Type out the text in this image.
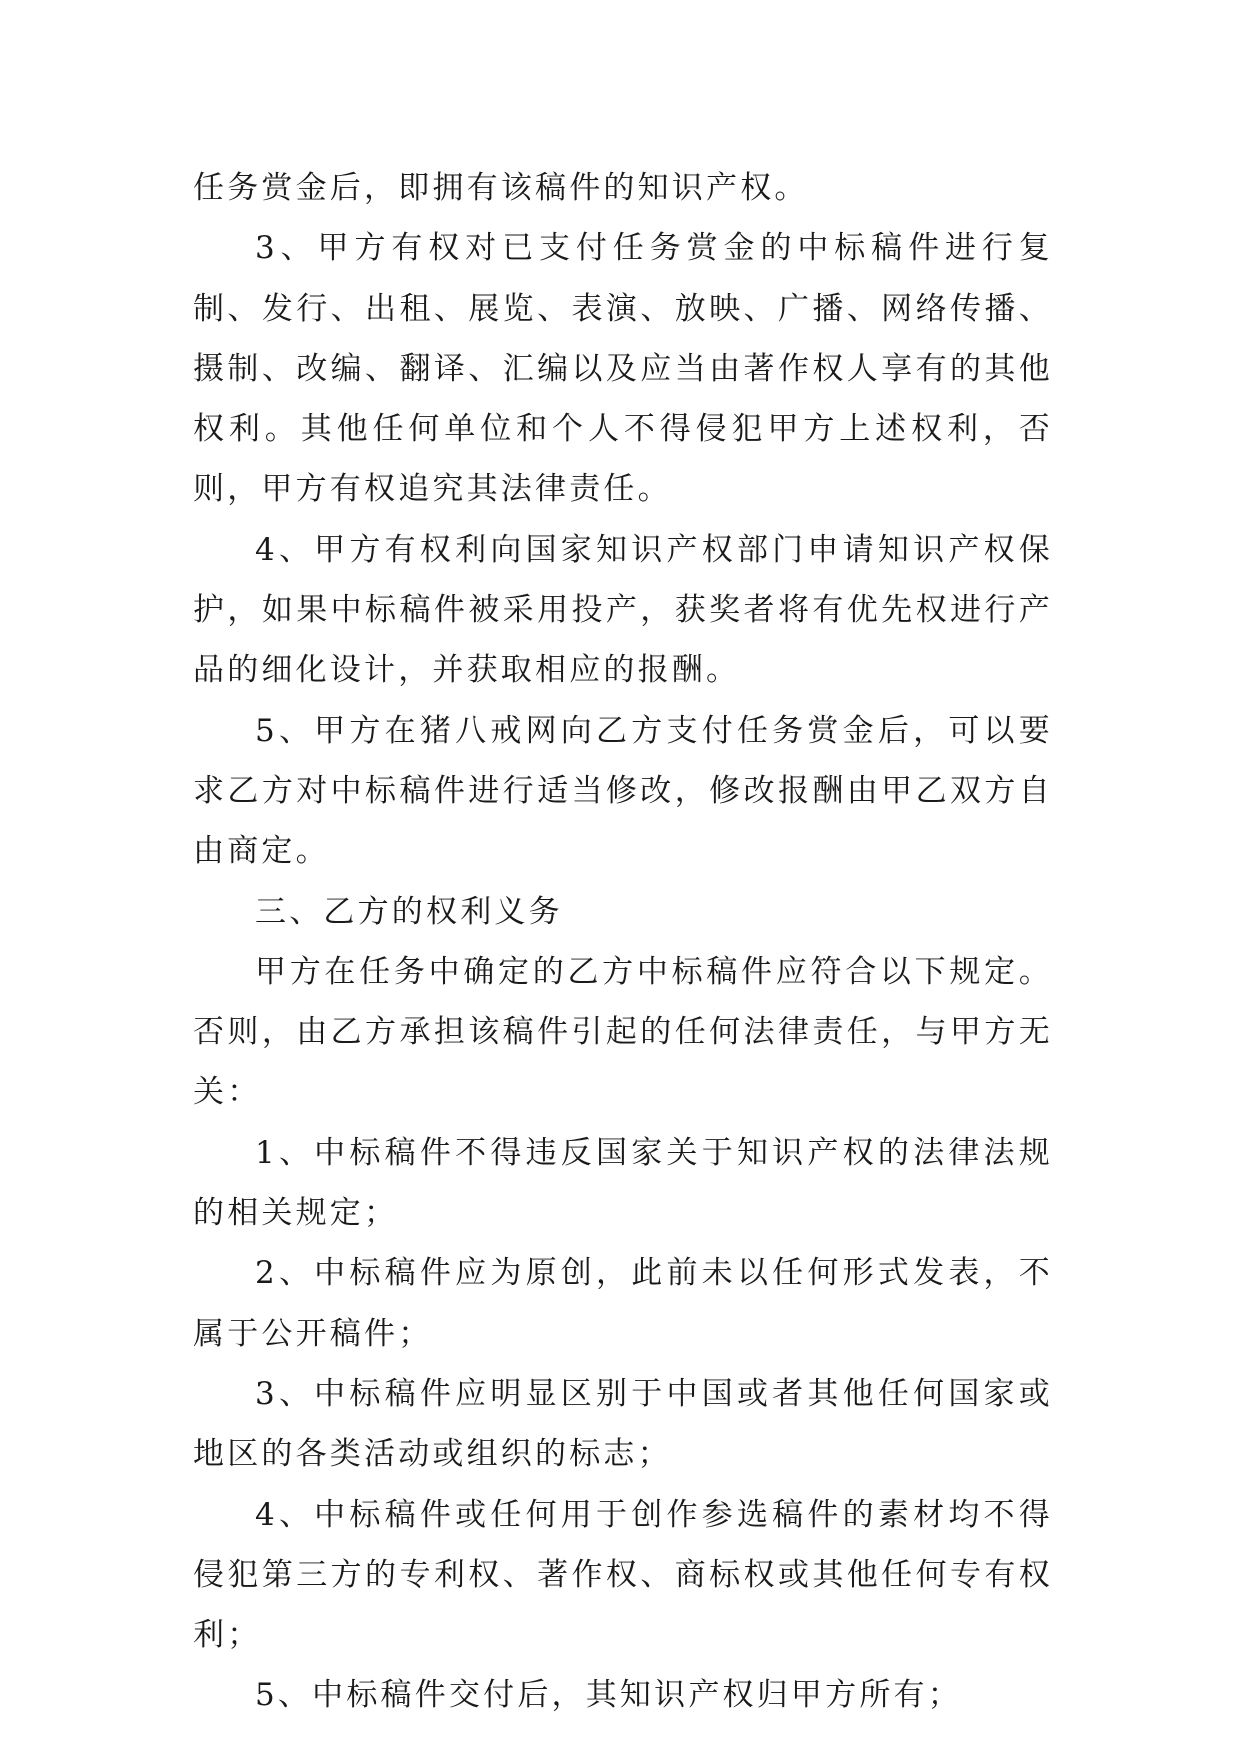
任务赏金后，即拥有该稿件的知识产权。

3、甲方有权对已支付任务赏金的中标稿件进行复制、发行、出租、展览、表演、放映、广播、网络传播、摄制、改编、翻译、汇编以及应当由著作权人享有的其他权利。其他任何单位和个人不得侵犯甲方上述权利，否则，甲方有权追究其法律责任。

4、甲方有权利向国家知识产权部门申请知识产权保护，如果中标稿件被采用投产，获奖者将有优先权进行产品的细化设计，并获取相应的报酬。

5、甲方在猪八戒网向乙方支付任务赏金后，可以要求乙方对中标稿件进行适当修改，修改报酬由甲乙双方自由商定。

三、乙方的权利义务

甲方在任务中确定的乙方中标稿件应符合以下规定。否则，由乙方承担该稿件引起的任何法律责任，与甲方无关：

1、中标稿件不得违反国家关于知识产权的法律法规的相关规定；

2、中标稿件应为原创，此前未以任何形式发表，不属于公开稿件；

3、中标稿件应明显区别于中国或者其他任何国家或地区的各类活动或组织的标志；

4、中标稿件或任何用于创作参选稿件的素材均不得侵犯第三方的专利权、著作权、商标权或其他任何专有权利；

5、中标稿件交付后，其知识产权归甲方所有；
